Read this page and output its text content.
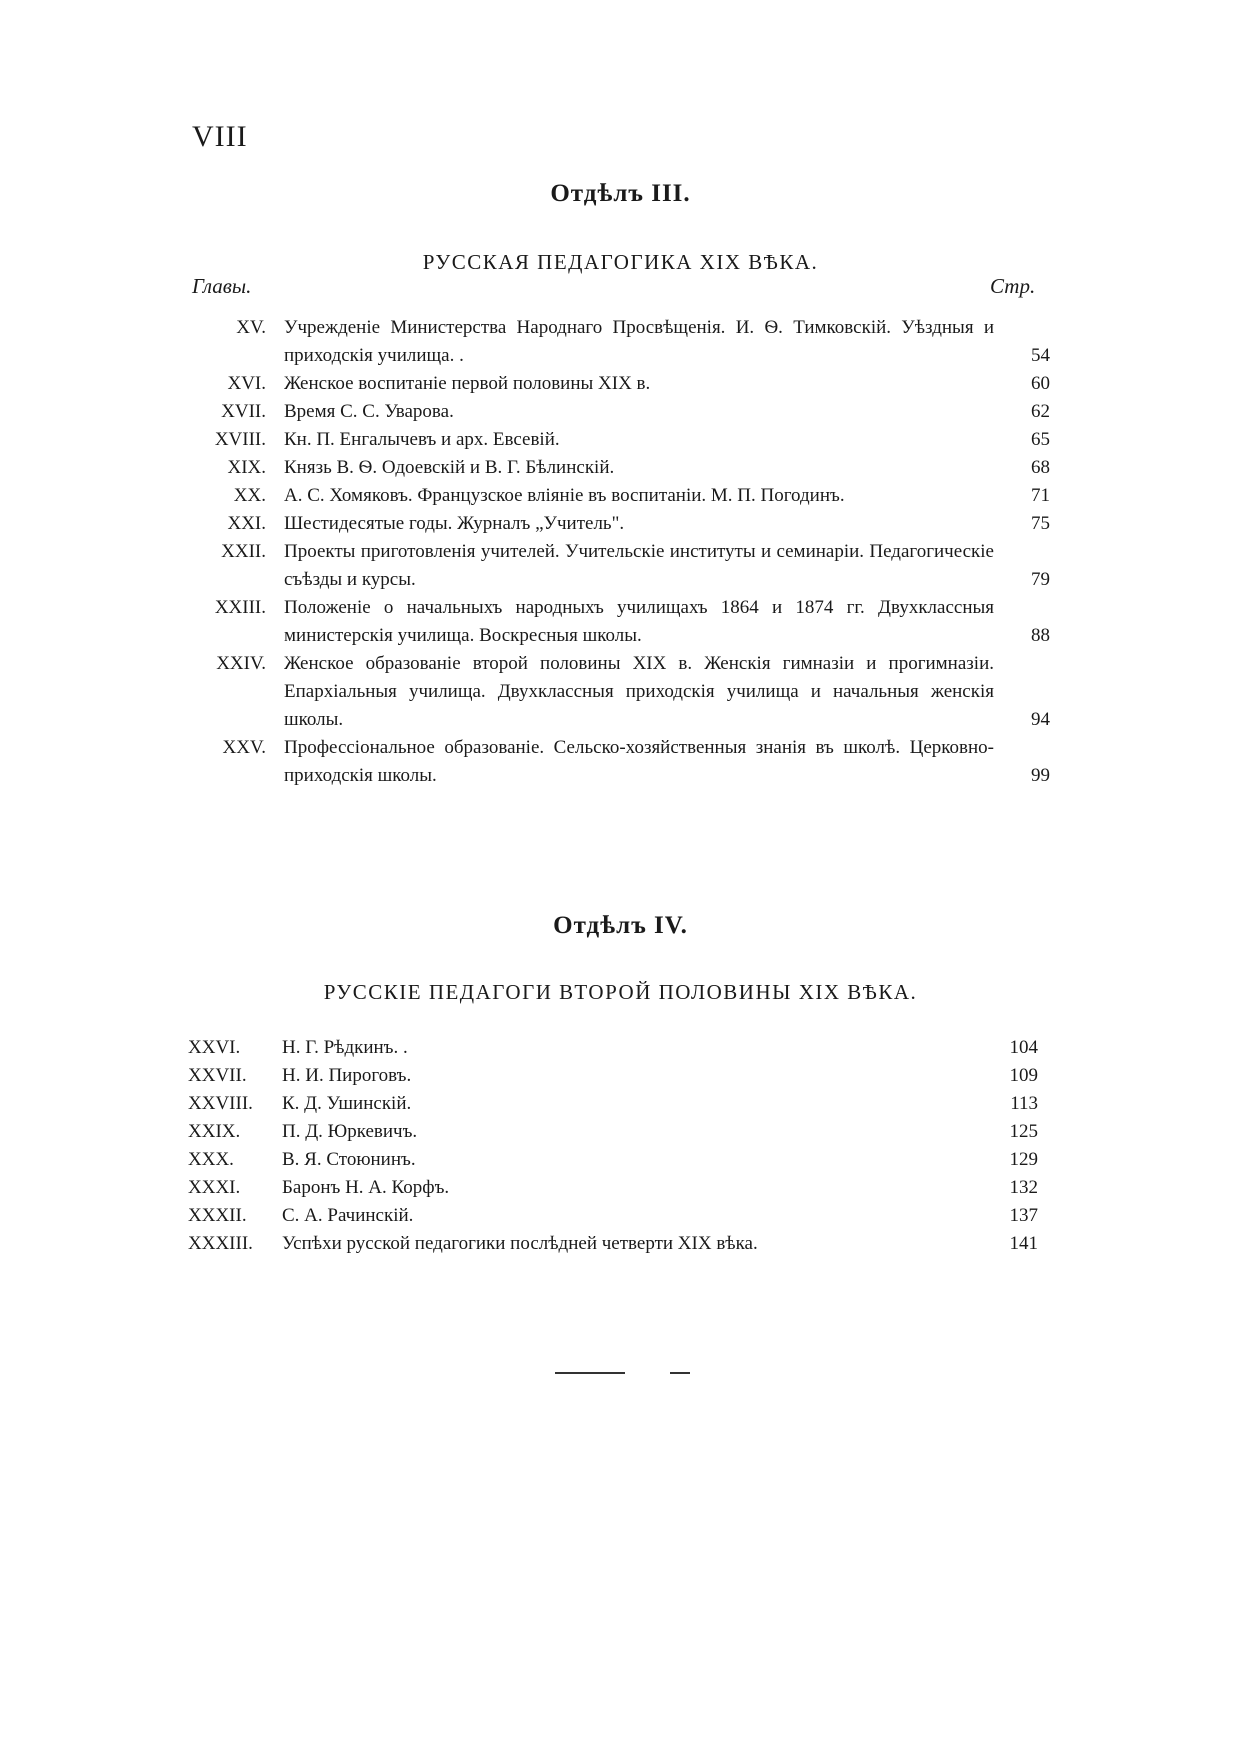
VIII
Отдѣлъ III.
РУССКАЯ ПЕДАГОГИКА XIX ВѢКА.
Главы.	Стр.
XV. Учрежденіе Министерства Народнаго Просвѣщенія. И. Ѳ. Тимковскій. Уѣздныя и приходскія училища. .	54
XVI. Женское воспитаніе первой половины XIX в.	60
XVII. Время С. С. Уварова.	62
XVIII. Кн. П. Енгалычевъ и арх. Евсевій.	65
XIX. Князь В. Ѳ. Одоевскій и В. Г. Бѣлинскій.	68
XX. А. С. Хомяковъ. Французское вліяніе въ воспитаніи. М. П. Погодинъ.	71
XXI. Шестидесятые годы. Журналъ „Учитель".	75
XXII. Проекты приготовленія учителей. Учительскіе институты и семинаріи. Педагогическіе съѣзды и курсы.	79
XXIII. Положеніе о начальныхъ народныхъ училищахъ 1864 и 1874 гг. Двухклассныя министерскія училища. Воскресныя школы.	88
XXIV. Женское образованіе второй половины XIX в. Женскія гимназіи и прогимназіи. Епархіальныя училища. Двухклассныя приходскія училища и начальныя женскія школы.	94
XXV. Профессіональное образованіе. Сельско-хозяйственныя знанія въ школѣ. Церковно-приходскія школы.	99
Отдѣлъ IV.
РУССКІЕ ПЕДАГОГИ ВТОРОЙ ПОЛОВИНЫ XIX ВѢКА.
XXVI.	Н. Г. Рѣдкинъ. .	104
XXVII.	Н. И. Пироговъ.	109
XXVIII.	К. Д. Ушинскій.	113
XXIX.	П. Д. Юркевичъ.	125
XXX.	В. Я. Стоюнинъ.	129
XXXI.	Баронъ Н. А. Корфъ.	132
XXXII.	С. А. Рачинскій.	137
XXXIII.	Успѣхи русской педагогики послѣдней четверти XIX вѣка.	141
